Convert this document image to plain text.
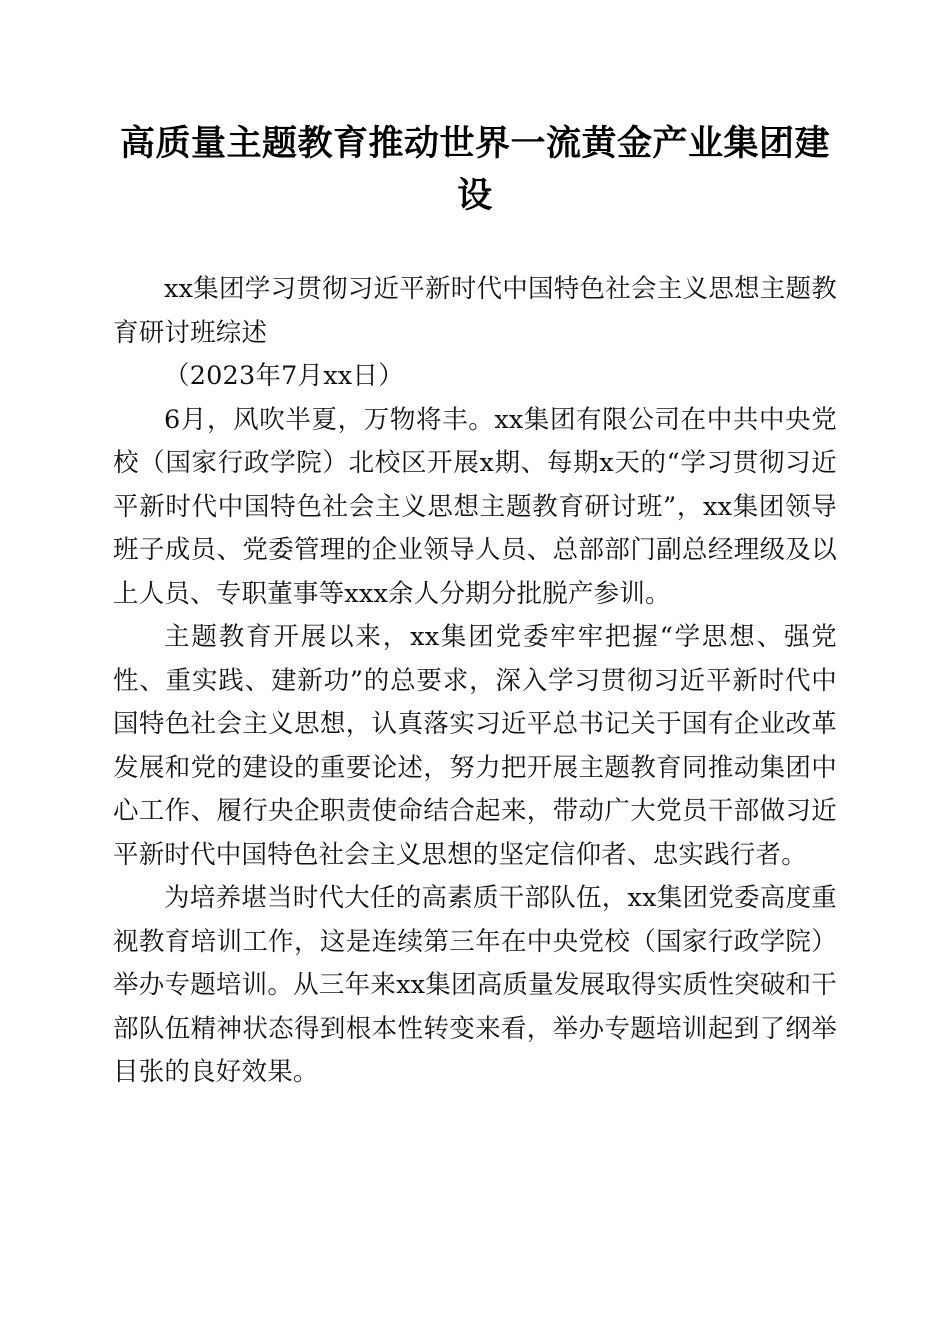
高质量主题教育推动世界一流黄金产业集团建设

xx集团学习贯彻习近平新时代中国特色社会主义思想主题教育研讨班综述

（2023年7月xx日）

6月，风吹半夏，万物将丰。xx集团有限公司在中共中央党校（国家行政学院）北校区开展x期、每期x天的“学习贯彻习近平新时代中国特色社会主义思想主题教育研讨班”，xx集团领导班子成员、党委管理的企业领导人员、总部部门副总经理级及以上人员、专职董事等xxx余人分期分批脱产参训。

主题教育开展以来，xx集团党委牢牢把握“学思想、强党性、重实践、建新功”的总要求，深入学习贯彻习近平新时代中国特色社会主义思想，认真落实习近平总书记关于国有企业改革发展和党的建设的重要论述，努力把开展主题教育同推动集团中心工作、履行央企职责使命结合起来，带动广大党员干部做习近平新时代中国特色社会主义思想的坚定信仰者、忠实践行者。

为培养堪当时代大任的高素质干部队伍，xx集团党委高度重视教育培训工作，这是连续第三年在中央党校（国家行政学院）举办专题培训。从三年来xx集团高质量发展取得实质性突破和干部队伍精神状态得到根本性转变来看，举办专题培训起到了纲举目张的良好效果。
